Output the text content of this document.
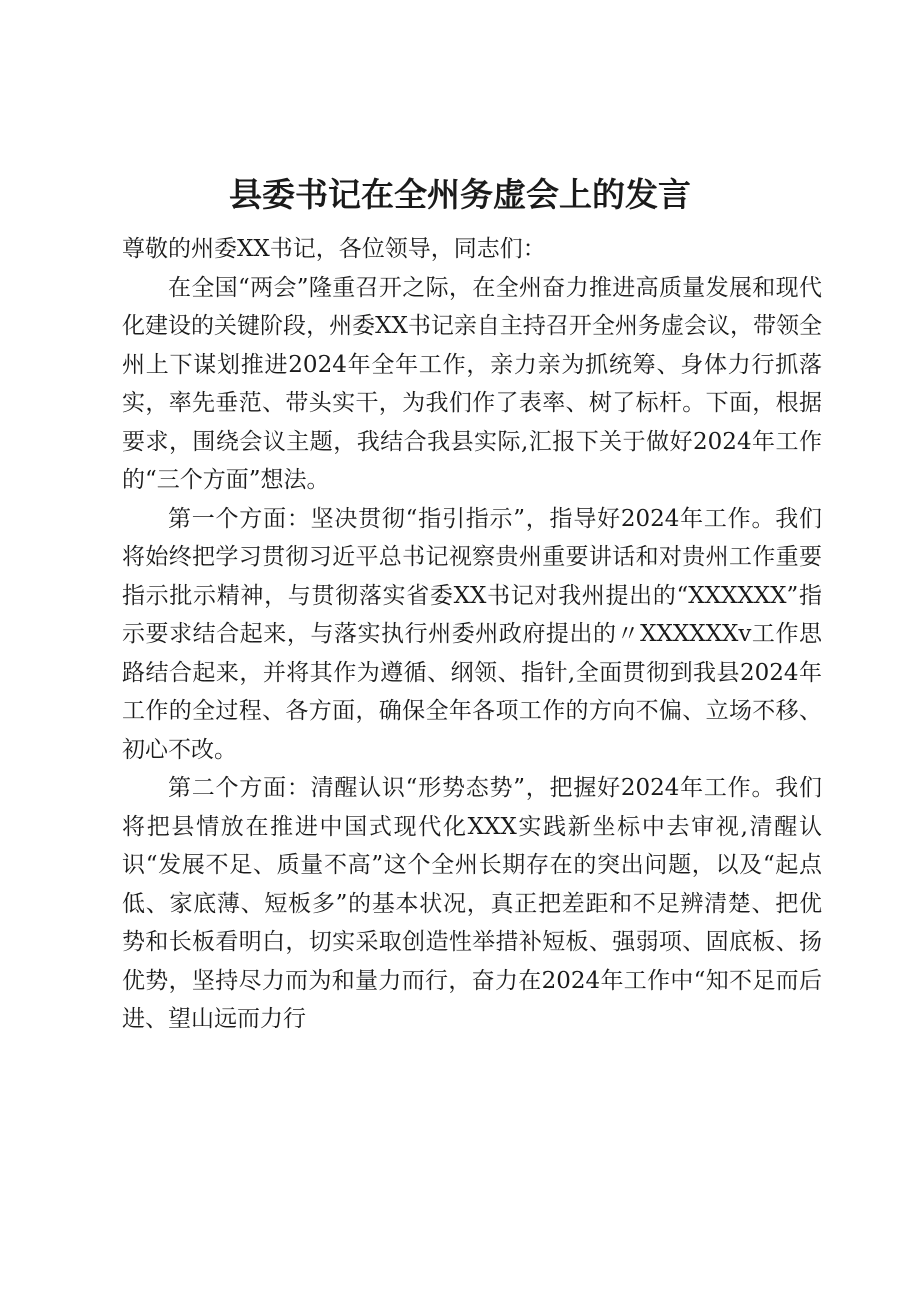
县委书记在全州务虚会上的发言

尊敬的州委XX书记，各位领导，同志们：

在全国“两会”隆重召开之际，在全州奋力推进高质量发展和现代化建设的关键阶段，州委XX书记亲自主持召开全州务虚会议，带领全州上下谋划推进2024年全年工作，亲力亲为抓统筹、身体力行抓落实，率先垂范、带头实干，为我们作了表率、树了标杆。下面，根据要求，围绕会议主题，我结合我县实际,汇报下关于做好2024年工作的“三个方面”想法。

第一个方面：坚决贯彻“指引指示”，指导好2024年工作。我们将始终把学习贯彻习近平总书记视察贵州重要讲话和对贵州工作重要指示批示精神，与贯彻落实省委XX书记对我州提出的“XXXXXX”指示要求结合起来，与落实执行州委州政府提出的〃XXXXXXv工作思路结合起来，并将其作为遵循、纲领、指针,全面贯彻到我县2024年工作的全过程、各方面，确保全年各项工作的方向不偏、立场不移、初心不改。

第二个方面：清醒认识“形势态势”，把握好2024年工作。我们将把县情放在推进中国式现代化XXX实践新坐标中去审视,清醒认识“发展不足、质量不高”这个全州长期存在的突出问题，以及“起点低、家底薄、短板多”的基本状况，真正把差距和不足辨清楚、把优势和长板看明白，切实采取创造性举措补短板、强弱项、固底板、扬优势，坚持尽力而为和量力而行，奋力在2024年工作中“知不足而后进、望山远而力行
